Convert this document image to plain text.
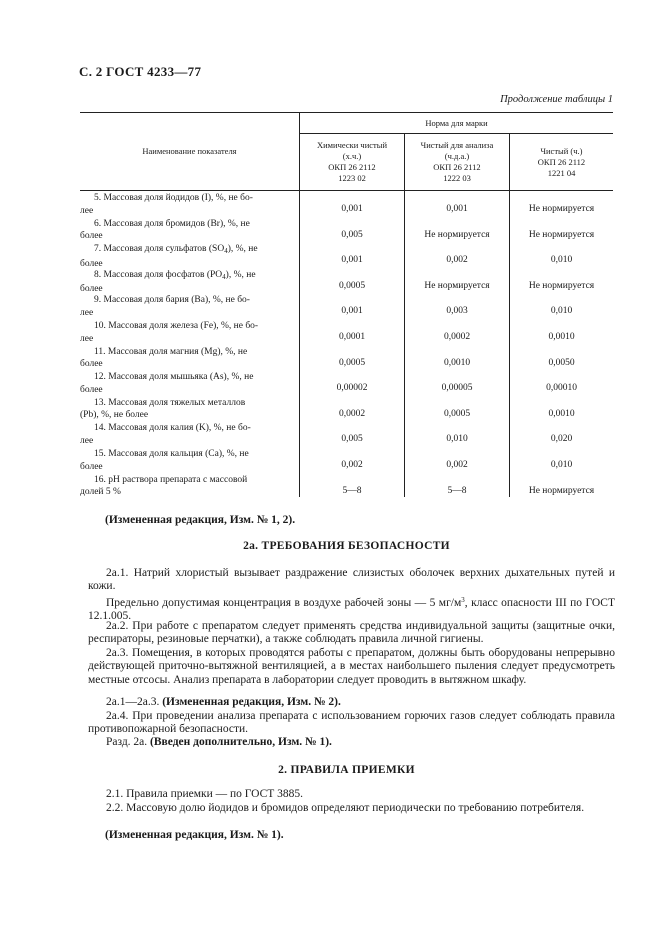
С. 2 ГОСТ 4233—77
Продолжение таблицы 1
Наименование показателя
Норма для марки
Химически чистый
(х.ч.)
ОКП 26 2112
1223 02
Чистый для анализа
(ч.д.а.)
ОКП 26 2112
1222 03
Чистый (ч.)
ОКП 26 2112
1221 04
5. Массовая доля йодидов (I), %, не бо-
лее	0,001	0,001	Не нормируется
6. Массовая доля бромидов (Br), %, не
более	0,005	Не нормируется	Не нормируется
7. Массовая доля сульфатов $(SO_4)$, %, не
более	0,001	0,002	0,010
8. Массовая доля фосфатов $(PO_4)$, %, не
более	0,0005	Не нормируется	Не нормируется
9. Массовая доля бария (Ba), %, не бо-
лее	0,001	0,003	0,010
10. Массовая доля железа (Fe), %, не бо-
лее	0,0001	0,0002	0,0010
11. Массовая доля магния (Mg), %, не
более	0,0005	0,0010	0,0050
12. Массовая доля мышьяка (As), %, не
более	0,00002	0,00005	0,00010
13. Массовая доля тяжелых металлов
(Pb), %, не более	0,0002	0,0005	0,0010
14. Массовая доля калия (K), %, не бо-
лее	0,005	0,010	0,020
15. Массовая доля кальция (Ca), %, не
более	0,002	0,002	0,010
16. pH раствора препарата с массовой
долей 5 %	5—8	5—8	Не нормируется
(Измененная редакция, Изм. № 1, 2).
2а. ТРЕБОВАНИЯ БЕЗОПАСНОСТИ
2а.1. Натрий хлористый вызывает раздражение слизистых оболочек верхних дыхательных путей и кожи.
Предельно допустимая концентрация в воздухе рабочей зоны — 5 $мг/м^3$, класс опасности III по ГОСТ 12.1.005.
2а.2. При работе с препаратом следует применять средства индивидуальной защиты (защитные очки, респираторы, резиновые перчатки), а также соблюдать правила личной гигиены.
2а.3. Помещения, в которых проводятся работы с препаратом, должны быть оборудованы непрерывно действующей приточно-вытяжной вентиляцией, а в местах наибольшего пыления следует предусмотреть местные отсосы. Анализ препарата в лаборатории следует проводить в вытяжном шкафу.
2а.1—2а.3. (Измененная редакция, Изм. № 2).
2а.4. При проведении анализа препарата с использованием горючих газов следует соблюдать правила противопожарной безопасности.
Разд. 2а. (Введен дополнительно, Изм. № 1).
2. ПРАВИЛА ПРИЕМКИ
2.1. Правила приемки — по ГОСТ 3885.
2.2. Массовую долю йодидов и бромидов определяют периодически по требованию потребителя.
(Измененная редакция, Изм. № 1).
